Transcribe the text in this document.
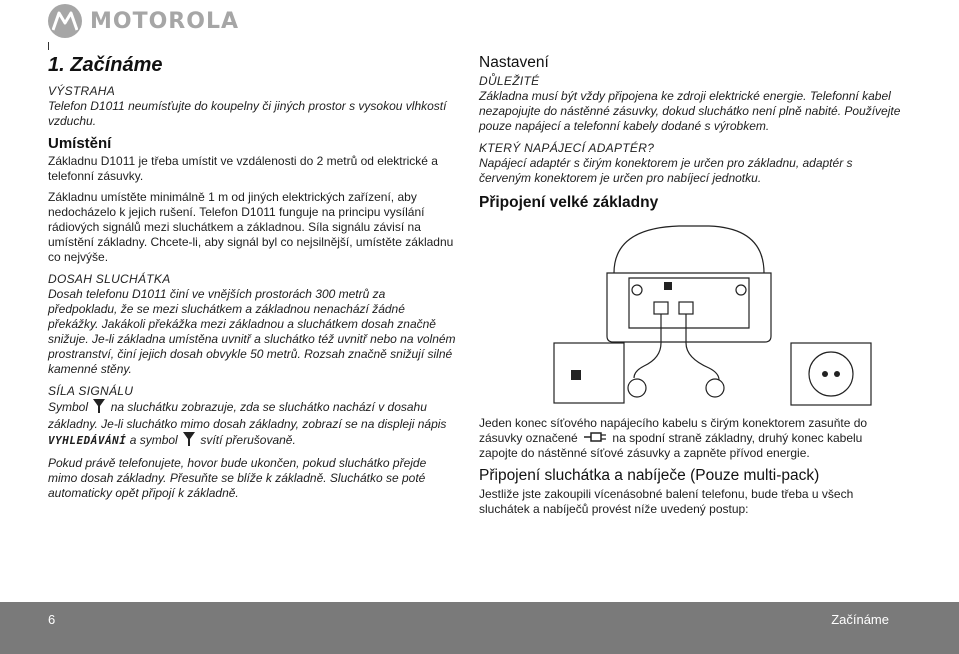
MOTOROLA
1. Začínáme
VÝSTRAHA

Telefon D1011 neumísťujte do koupelny či jiných prostor s vysokou vlhkostí vzduchu.

Umístění

Základnu D1011 je třeba umístit ve vzdálenosti do 2 metrů od elektrické a telefonní zásuvky.

Základnu umístěte minimálně 1 m od jiných elektrických zařízení, aby nedocházelo k jejich rušení. Telefon D1011 funguje na principu vysílání rádiových signálů mezi sluchátkem a základnou. Síla signálu závisí na umístění základny. Chcete-li, aby signál byl co nejsilnější, umístěte základnu co nejvýše.

DOSAH SLUCHÁTKA

Dosah telefonu D1011 činí ve vnějších prostorách 300 metrů za předpokladu, že se mezi sluchátkem a základnou nenachází žádné překážky. Jakákoli překážka mezi základnou a sluchátkem dosah značně snižuje. Je-li základna umístěna uvnitř a sluchátko též uvnitř nebo na volném prostranství, činí jejich dosah obvykle 50 metrů. Rozsah značně snižují silné kamenné stěny.

SÍLA SIGNÁLU

Symbol na sluchátku zobrazuje, zda se sluchátko nachází v dosahu základny. Je-li sluchátko mimo dosah základny, zobrazí se na displeji nápis VYHLEDÁVÁNÍ a symbol svítí přerušovaně.

Pokud právě telefonujete, hovor bude ukončen, pokud sluchátko přejde mimo dosah základny. Přesuňte se blíže k základně. Sluchátko se poté automaticky opět připojí k základně.

Nastavení
DŮLEŽITÉ

Základna musí být vždy připojena ke zdroji elektrické energie. Telefonní kabel nezapojujte do nástěnné zásuvky, dokud sluchátko není plně nabité. Používejte pouze napájecí a telefonní kabely dodané s výrobkem.

KTERÝ NAPÁJECÍ ADAPTÉR?

Napájecí adaptér s čirým konektorem je určen pro základnu, adaptér s červeným konektorem je určen pro nabíjecí jednotku.

Připojení velké základny

Jeden konec síťového napájecího kabelu s čirým konektorem zasuňte do zásuvky označené	na spodní straně základny, druhý konec kabelu zapojte do nástěnné síťové zásuvky a zapněte přívod energie.

Připojení sluchátka a nabíječe (Pouze multi-pack)

Jestliže jste zakoupili vícenásobné balení telefonu, bude třeba u všech sluchátek a nabíječů provést níže uvedený postup:

6	Začínáme
